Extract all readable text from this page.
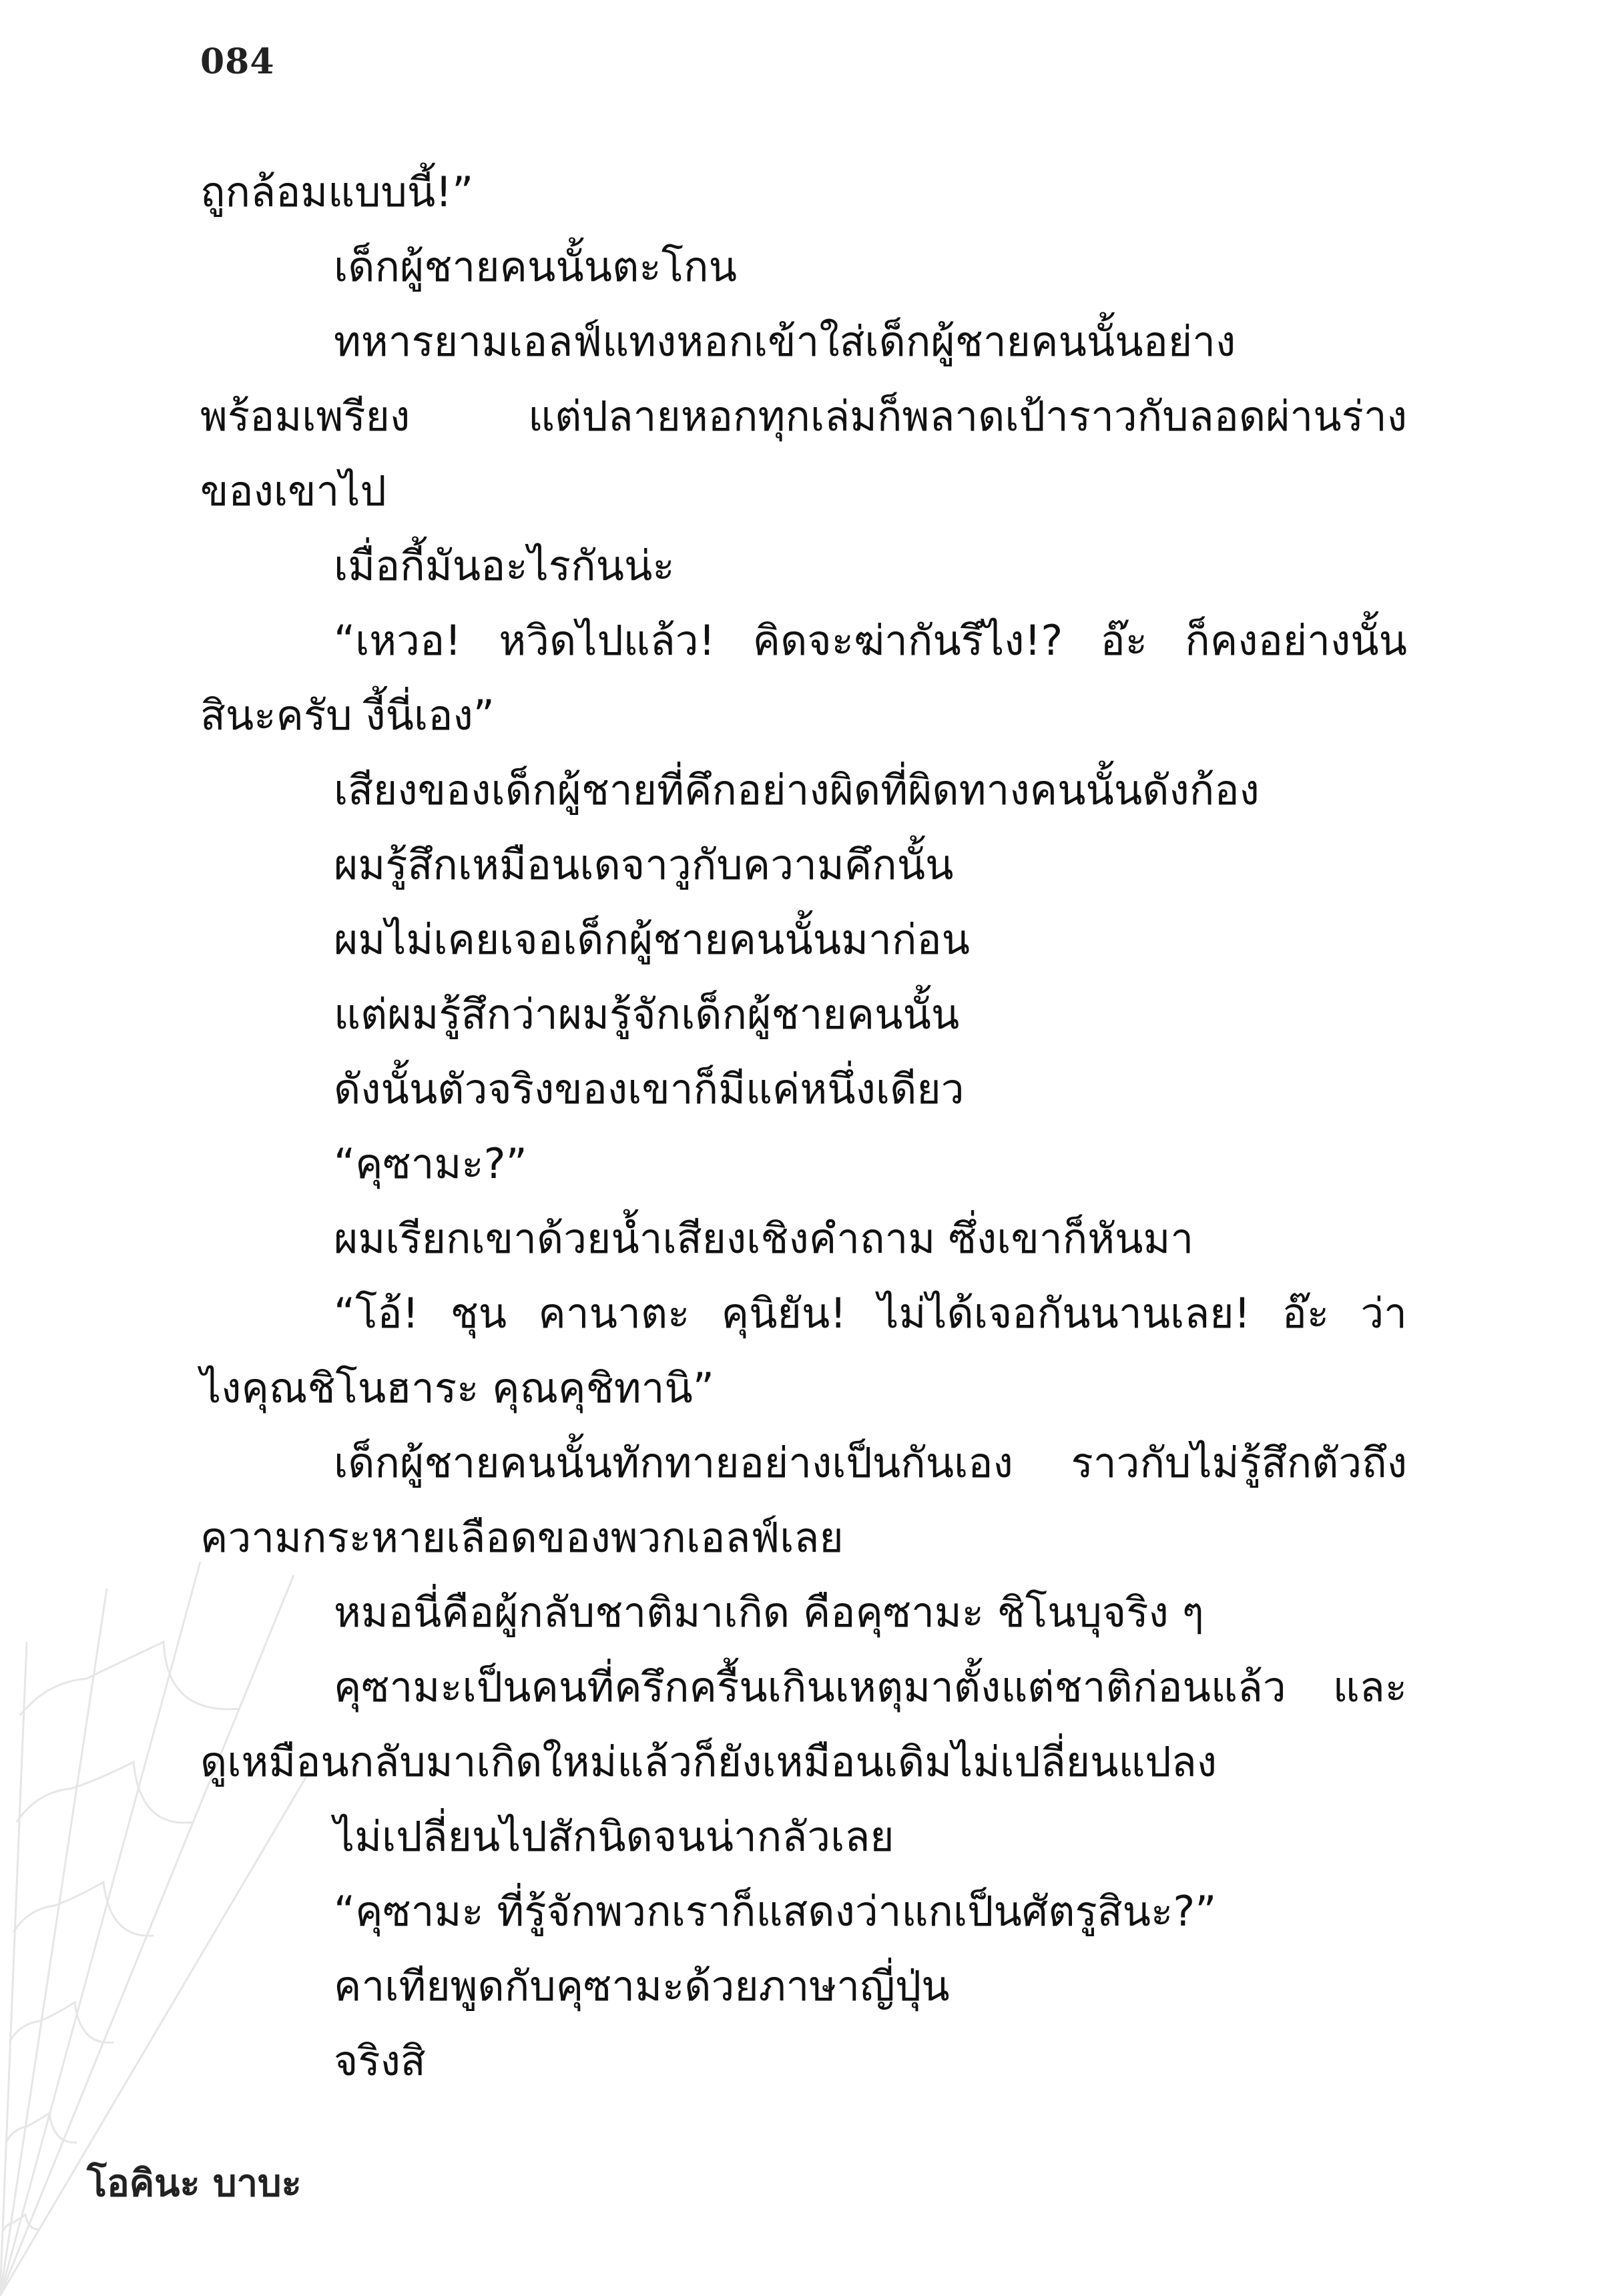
084
ถูกล้อมแบบนี้!”
เด็กผู้ชายคนนั้นตะโกน
ทหารยามเอลฟ์แทงหอกเข้าใส่เด็กผู้ชายคนนั้นอย่าง
พร้อมเพรียง แต่ปลายหอกทุกเล่มก็พลาดเป้าราวกับลอดผ่านร่าง
ของเขาไป
เมื่อกี้มันอะไรกันน่ะ
“เหวอ! หวิดไปแล้ว! คิดจะฆ่ากันรึไง!? อ๊ะ ก็คงอย่างนั้น
สินะครับ งี้นี่เอง”
เสียงของเด็กผู้ชายที่คึกอย่างผิดที่ผิดทางคนนั้นดังก้อง
ผมรู้สึกเหมือนเดจาวูกับความคึกนั้น
ผมไม่เคยเจอเด็กผู้ชายคนนั้นมาก่อน
แต่ผมรู้สึกว่าผมรู้จักเด็กผู้ชายคนนั้น
ดังนั้นตัวจริงของเขาก็มีแค่หนึ่งเดียว
“คุซามะ?”
ผมเรียกเขาด้วยน้ำเสียงเชิงคำถาม ซึ่งเขาก็หันมา
“โอ้! ชุน คานาตะ คุนิยัน! ไม่ได้เจอกันนานเลย! อ๊ะ ว่า
ไงคุณชิโนฮาระ คุณคุชิทานิ”
เด็กผู้ชายคนนั้นทักทายอย่างเป็นกันเอง ราวกับไม่รู้สึกตัวถึง
ความกระหายเลือดของพวกเอลฟ์เลย
หมอนี่คือผู้กลับชาติมาเกิด คือคุซามะ ชิโนบุจริง ๆ
คุซามะเป็นคนที่ครึกครื้นเกินเหตุมาตั้งแต่ชาติก่อนแล้ว และ
ดูเหมือนกลับมาเกิดใหม่แล้วก็ยังเหมือนเดิมไม่เปลี่ยนแปลง
ไม่เปลี่ยนไปสักนิดจนน่ากลัวเลย
“คุซามะ ที่รู้จักพวกเราก็แสดงว่าแกเป็นศัตรูสินะ?”
คาเทียพูดกับคุซามะด้วยภาษาญี่ปุ่น
จริงสิ
โอคินะ บาบะ
